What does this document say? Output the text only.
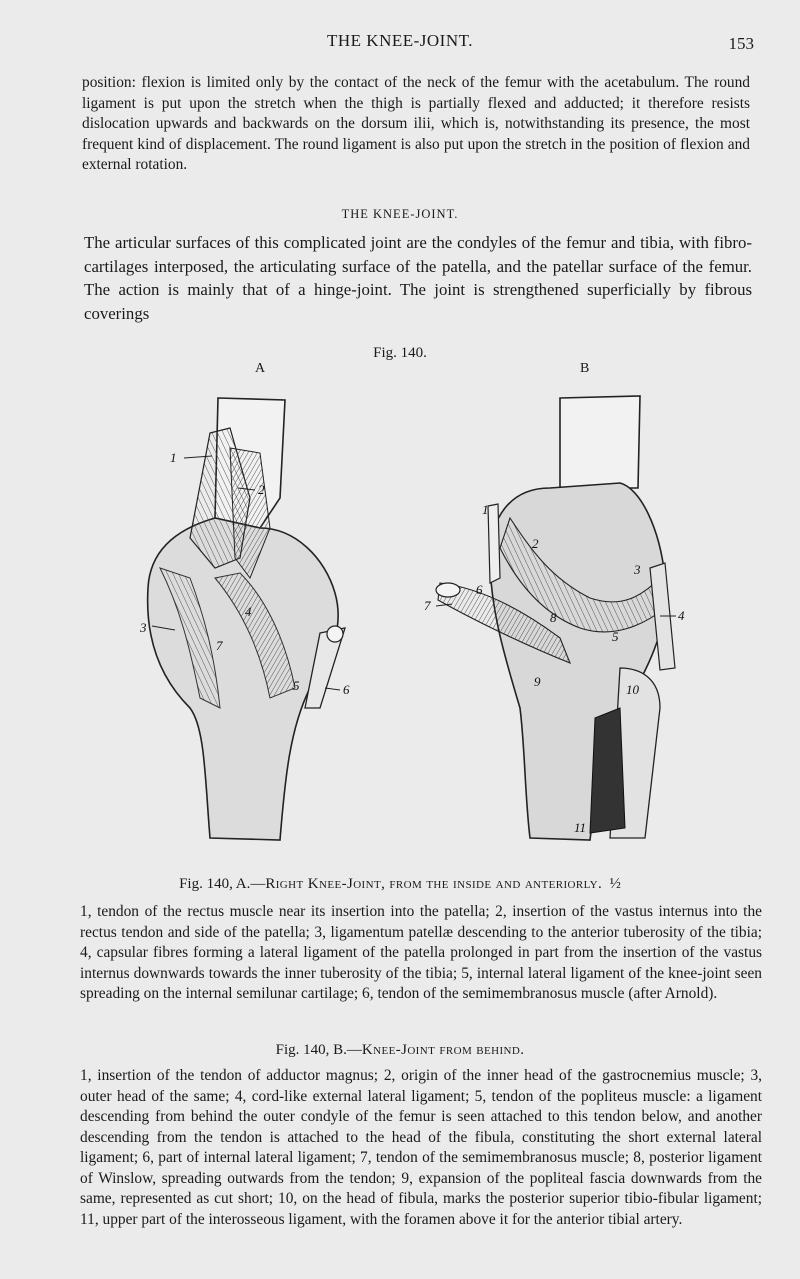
THE KNEE-JOINT.	153

position: flexion is limited only by the contact of the neck of the femur with the acetabulum. The round ligament is put upon the stretch when the thigh is partially flexed and adducted; it therefore resists dislocation upwards and backwards on the dorsum ilii, which is, notwithstanding its presence, the most frequent kind of displacement. The round ligament is also put upon the stretch in the position of flexion and external rotation.

THE KNEE-JOINT.

The articular surfaces of this complicated joint are the condyles of the femur and tibia, with fibro-cartilages interposed, the articulating surface of the patella, and the patellar surface of the femur. The action is mainly that of a hinge-joint. The joint is strengthened superficially by fibrous coverings

Fig. 140.
A	B
1
2
3
4
5	6
7
1
2
3
4
5
6
7
8
9
10
11
Fig. 140, A.—Right Knee-Joint, from the inside and anteriorly. ½

1, tendon of the rectus muscle near its insertion into the patella; 2, insertion of the vastus internus into the rectus tendon and side of the patella; 3, ligamentum patellæ descending to the anterior tuberosity of the tibia; 4, capsular fibres forming a lateral ligament of the patella prolonged in part from the insertion of the vastus internus downwards towards the inner tuberosity of the tibia; 5, internal lateral ligament of the knee-joint seen spreading on the internal semilunar cartilage; 6, tendon of the semimembranosus muscle (after Arnold).

Fig. 140, B.—Knee-Joint from behind.

1, insertion of the tendon of adductor magnus; 2, origin of the inner head of the gastrocnemius muscle; 3, outer head of the same; 4, cord-like external lateral ligament; 5, tendon of the popliteus muscle: a ligament descending from behind the outer condyle of the femur is seen attached to this tendon below, and another descending from the tendon is attached to the head of the fibula, constituting the short external lateral ligament; 6, part of internal lateral ligament; 7, tendon of the semimembranosus muscle; 8, posterior ligament of Winslow, spreading outwards from the tendon; 9, expansion of the popliteal fascia downwards from the same, represented as cut short; 10, on the head of fibula, marks the posterior superior tibio-fibular ligament; 11, upper part of the interosseous ligament, with the foramen above it for the anterior tibial artery.
